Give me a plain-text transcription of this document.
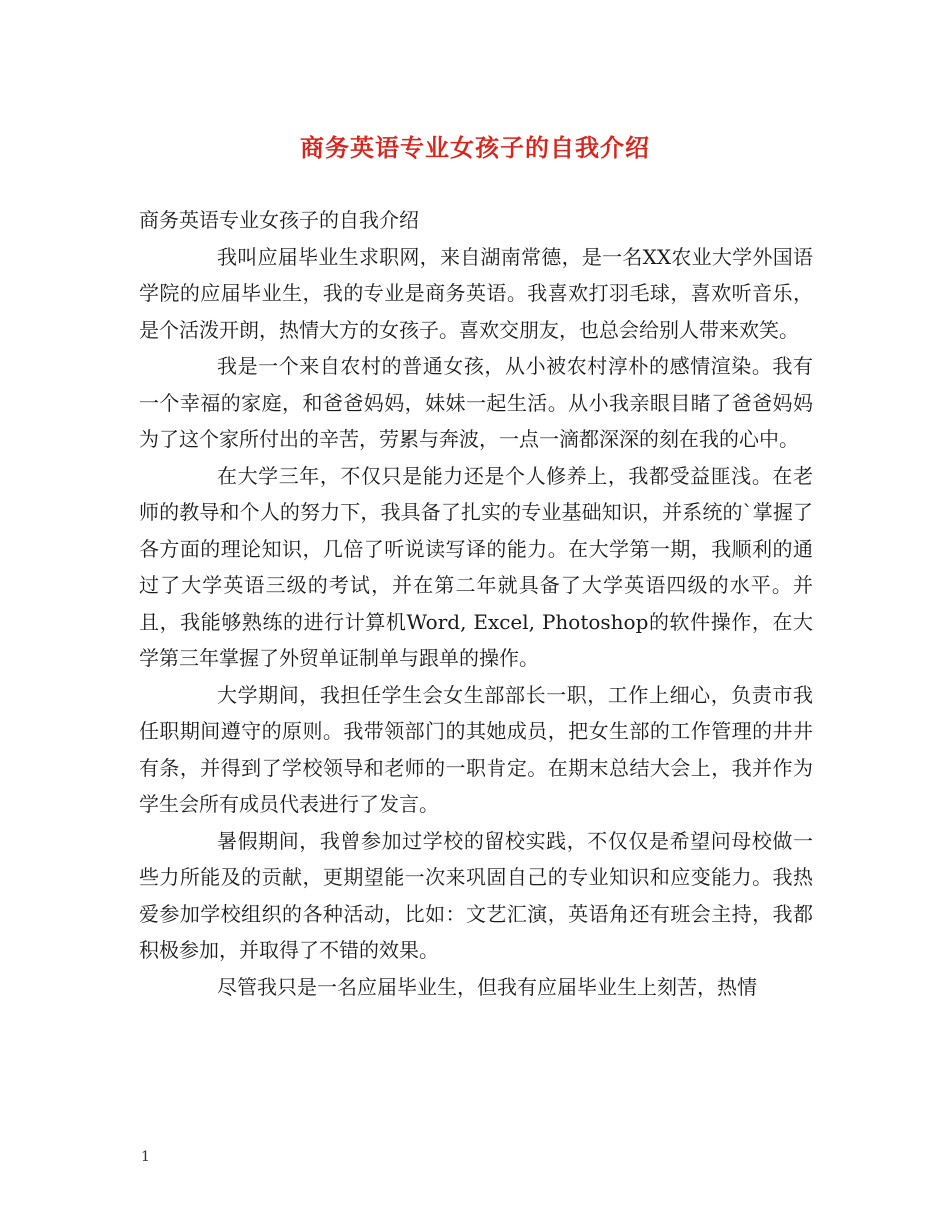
商务英语专业女孩子的自我介绍

商务英语专业女孩子的自我介绍

我叫应届毕业生求职网，来自湖南常德，是一名XX农业大学外国语学院的应届毕业生，我的专业是商务英语。我喜欢打羽毛球，喜欢听音乐，是个活泼开朗，热情大方的女孩子。喜欢交朋友，也总会给别人带来欢笑。

我是一个来自农村的普通女孩，从小被农村淳朴的感情渲染。我有一个幸福的家庭，和爸爸妈妈，妹妹一起生活。从小我亲眼目睹了爸爸妈妈为了这个家所付出的辛苦，劳累与奔波，一点一滴都深深的刻在我的心中。

在大学三年，不仅只是能力还是个人修养上，我都受益匪浅。在老师的教导和个人的努力下，我具备了扎实的专业基础知识，并系统的`掌握了各方面的理论知识，几倍了听说读写译的能力。在大学第一期，我顺利的通过了大学英语三级的考试，并在第二年就具备了大学英语四级的水平。并且，我能够熟练的进行计算机Word, Excel, Photoshop的软件操作，在大学第三年掌握了外贸单证制单与跟单的操作。

大学期间，我担任学生会女生部部长一职，工作上细心，负责市我任职期间遵守的原则。我带领部门的其她成员，把女生部的工作管理的井井有条，并得到了学校领导和老师的一职肯定。在期末总结大会上，我并作为学生会所有成员代表进行了发言。

暑假期间，我曾参加过学校的留校实践，不仅仅是希望问母校做一些力所能及的贡献，更期望能一次来巩固自己的专业知识和应变能力。我热爱参加学校组织的各种活动，比如：文艺汇演，英语角还有班会主持，我都积极参加，并取得了不错的效果。

尽管我只是一名应届毕业生，但我有应届毕业生上刻苦，热情

1
